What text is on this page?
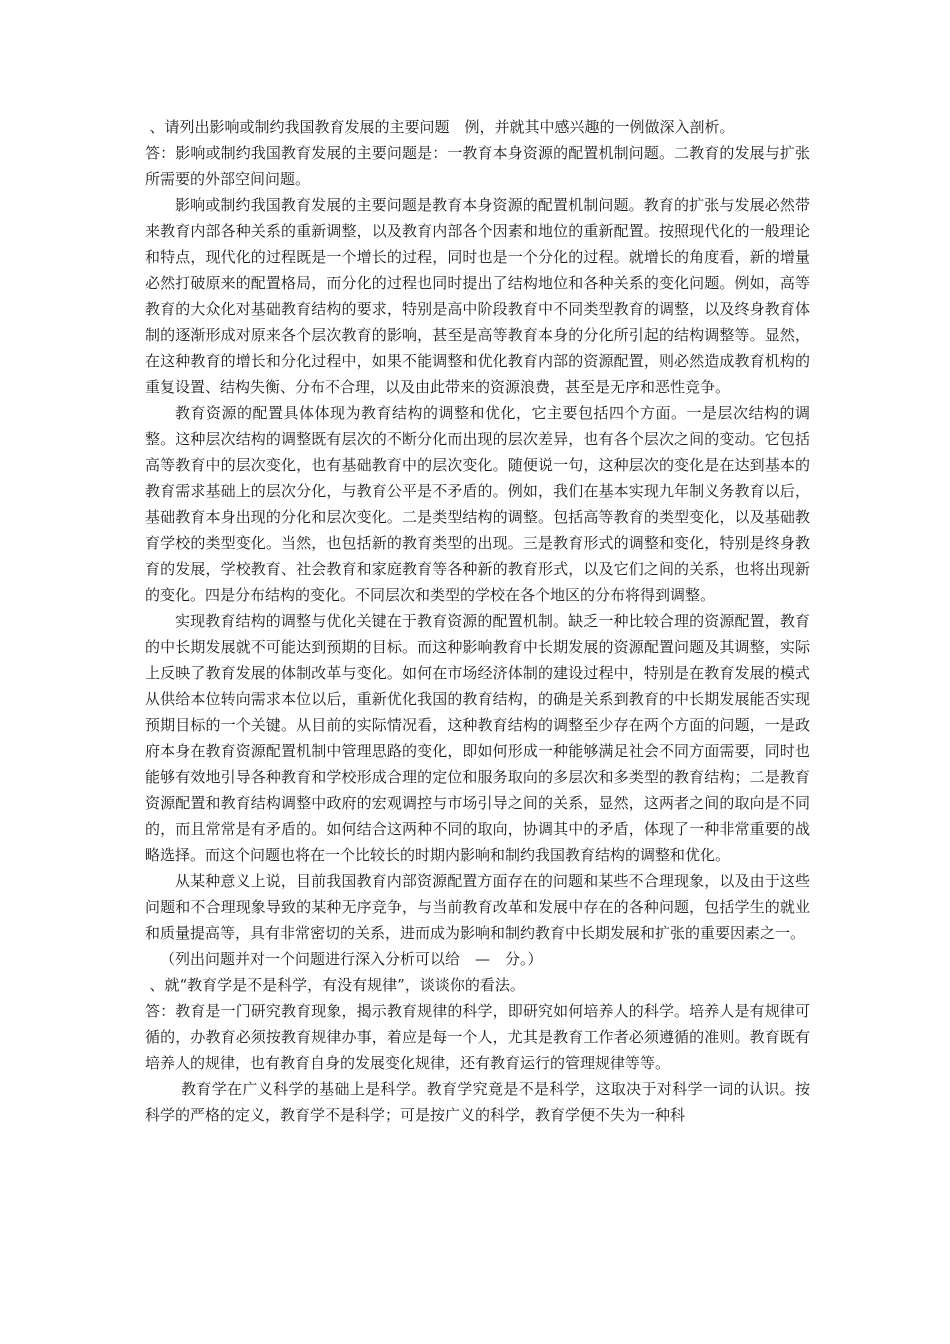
、请列出影响或制约我国教育发展的主要问题　例，并就其中感兴趣的一例做深入剖析。

答：影响或制约我国教育发展的主要问题是：一教育本身资源的配置机制问题。二教育的发展与扩张所需要的外部空间问题。

影响或制约我国教育发展的主要问题是教育本身资源的配置机制问题。教育的扩张与发展必然带来教育内部各种关系的重新调整，以及教育内部各个因素和地位的重新配置。按照现代化的一般理论和特点，现代化的过程既是一个增长的过程，同时也是一个分化的过程。就增长的角度看，新的增量必然打破原来的配置格局，而分化的过程也同时提出了结构地位和各种关系的变化问题。例如，高等教育的大众化对基础教育结构的要求，特别是高中阶段教育中不同类型教育的调整，以及终身教育体制的逐渐形成对原来各个层次教育的影响，甚至是高等教育本身的分化所引起的结构调整等。显然，在这种教育的增长和分化过程中，如果不能调整和优化教育内部的资源配置，则必然造成教育机构的重复设置、结构失衡、分布不合理，以及由此带来的资源浪费，甚至是无序和恶性竞争。

教育资源的配置具体体现为教育结构的调整和优化，它主要包括四个方面。一是层次结构的调整。这种层次结构的调整既有层次的不断分化而出现的层次差异，也有各个层次之间的变动。它包括高等教育中的层次变化，也有基础教育中的层次变化。随便说一句，这种层次的变化是在达到基本的教育需求基础上的层次分化，与教育公平是不矛盾的。例如，我们在基本实现九年制义务教育以后，基础教育本身出现的分化和层次变化。二是类型结构的调整。包括高等教育的类型变化，以及基础教育学校的类型变化。当然，也包括新的教育类型的出现。三是教育形式的调整和变化，特别是终身教育的发展，学校教育、社会教育和家庭教育等各种新的教育形式，以及它们之间的关系，也将出现新的变化。四是分布结构的变化。不同层次和类型的学校在各个地区的分布将得到调整。

实现教育结构的调整与优化关键在于教育资源的配置机制。缺乏一种比较合理的资源配置，教育的中长期发展就不可能达到预期的目标。而这种影响教育中长期发展的资源配置问题及其调整，实际上反映了教育发展的体制改革与变化。如何在市场经济体制的建设过程中，特别是在教育发展的模式从供给本位转向需求本位以后，重新优化我国的教育结构，的确是关系到教育的中长期发展能否实现预期目标的一个关键。从目前的实际情况看，这种教育结构的调整至少存在两个方面的问题，一是政府本身在教育资源配置机制中管理思路的变化，即如何形成一种能够满足社会不同方面需要，同时也能够有效地引导各种教育和学校形成合理的定位和服务取向的多层次和多类型的教育结构；二是教育资源配置和教育结构调整中政府的宏观调控与市场引导之间的关系，显然，这两者之间的取向是不同的，而且常常是有矛盾的。如何结合这两种不同的取向，协调其中的矛盾，体现了一种非常重要的战略选择。而这个问题也将在一个比较长的时期内影响和制约我国教育结构的调整和优化。

从某种意义上说，目前我国教育内部资源配置方面存在的问题和某些不合理现象，以及由于这些问题和不合理现象导致的某种无序竞争，与当前教育改革和发展中存在的各种问题，包括学生的就业和质量提高等，具有非常密切的关系，进而成为影响和制约教育中长期发展和扩张的重要因素之一。

（列出问题并对一个问题进行深入分析可以给　—　分。）

、就“教育学是不是科学，有没有规律”，谈谈你的看法。

答：教育是一门研究教育现象，揭示教育规律的科学，即研究如何培养人的科学。培养人是有规律可循的，办教育必须按教育规律办事，着应是每一个人，尤其是教育工作者必须遵循的准则。教育既有培养人的规律，也有教育自身的发展变化规律，还有教育运行的管理规律等等。

教育学在广义科学的基础上是科学。教育学究竟是不是科学，这取决于对科学一词的认识。按科学的严格的定义，教育学不是科学；可是按广义的科学，教育学便不失为一种科
